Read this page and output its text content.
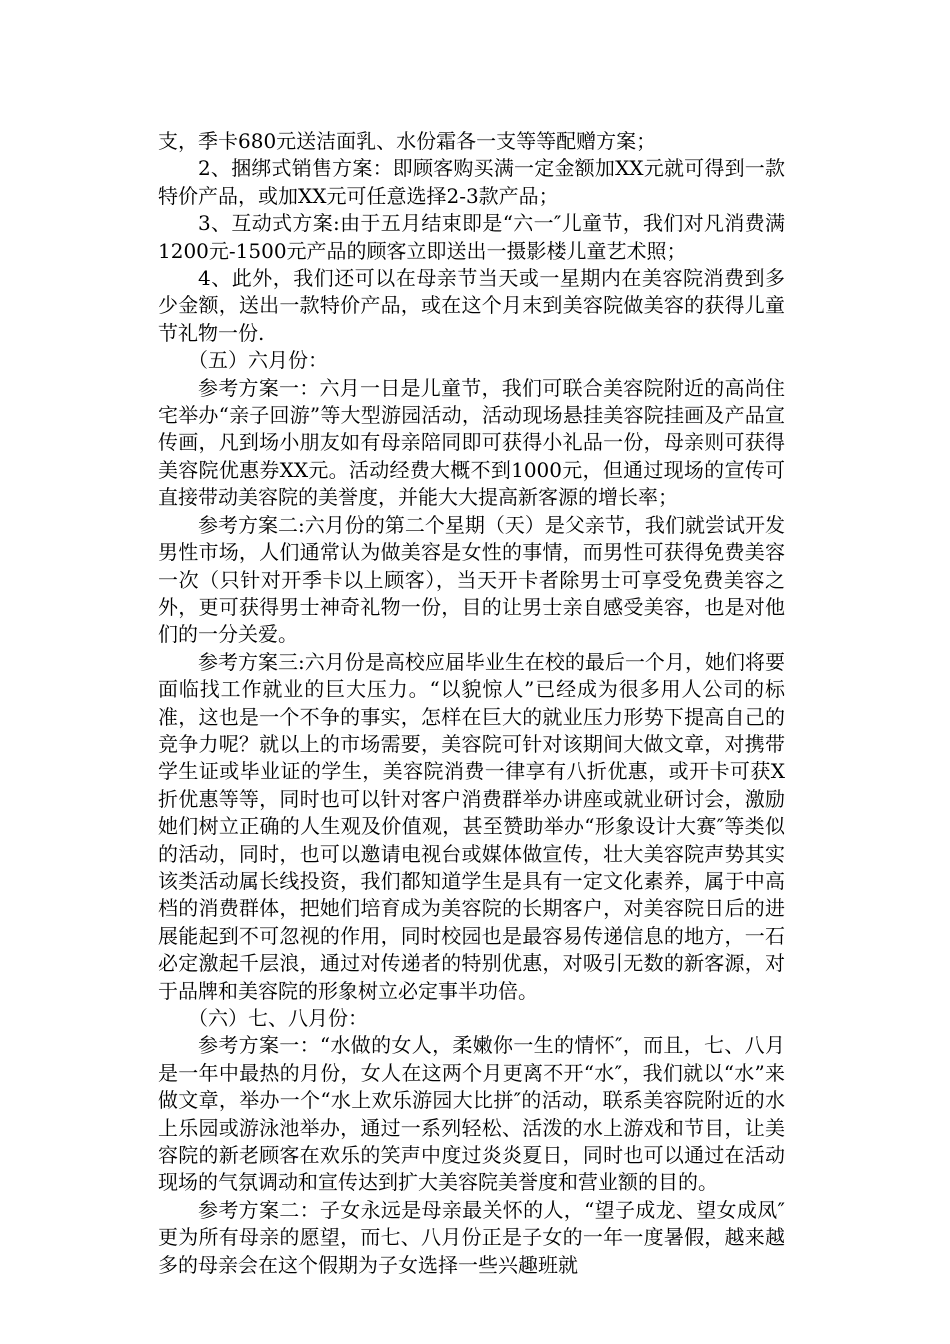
支，季卡680元送洁面乳、水份霜各一支等等配赠方案；

2、捆绑式销售方案：即顾客购买满一定金额加XX元就可得到一款特价产品，或加XX元可任意选择2-3款产品；

3、互动式方案:由于五月结束即是“六一″儿童节，我们对凡消费满1200元-1500元产品的顾客立即送出一摄影楼儿童艺术照；

4、此外，我们还可以在母亲节当天或一星期内在美容院消费到多少金额，送出一款特价产品，或在这个月末到美容院做美容的获得儿童节礼物一份.

（五）六月份：

参考方案一：六月一日是儿童节，我们可联合美容院附近的高尚住宅举办“亲子回游”等大型游园活动，活动现场悬挂美容院挂画及产品宣传画，凡到场小朋友如有母亲陪同即可获得小礼品一份，母亲则可获得美容院优惠券XX元。活动经费大概不到1000元，但通过现场的宣传可直接带动美容院的美誉度，并能大大提高新客源的增长率；

参考方案二:六月份的第二个星期（天）是父亲节，我们就尝试开发男性市场，人们通常认为做美容是女性的事情，而男性可获得免费美容一次（只针对开季卡以上顾客），当天开卡者除男士可享受免费美容之外，更可获得男士神奇礼物一份，目的让男士亲自感受美容，也是对他们的一分关爱。

参考方案三:六月份是高校应届毕业生在校的最后一个月，她们将要面临找工作就业的巨大压力。“以貌惊人”已经成为很多用人公司的标准，这也是一个不争的事实，怎样在巨大的就业压力形势下提高自己的竞争力呢？就以上的市场需要，美容院可针对该期间大做文章，对携带学生证或毕业证的学生，美容院消费一律享有八折优惠，或开卡可获X折优惠等等，同时也可以针对客户消费群举办讲座或就业研讨会，激励她们树立正确的人生观及价值观，甚至赞助举办“形象设计大赛″等类似的活动，同时，也可以邀请电视台或媒体做宣传，壮大美容院声势其实该类活动属长线投资，我们都知道学生是具有一定文化素养，属于中高档的消费群体，把她们培育成为美容院的长期客户，对美容院日后的进展能起到不可忽视的作用，同时校园也是最容易传递信息的地方，一石必定激起千层浪，通过对传递者的特别优惠，对吸引无数的新客源，对于品牌和美容院的形象树立必定事半功倍。

（六）七、八月份：

参考方案一：“水做的女人，柔嫩你一生的情怀″，而且，七、八月是一年中最热的月份，女人在这两个月更离不开“水″，我们就以“水”来做文章，举办一个“水上欢乐游园大比拼″的活动，联系美容院附近的水上乐园或游泳池举办，通过一系列轻松、活泼的水上游戏和节目，让美容院的新老顾客在欢乐的笑声中度过炎炎夏日，同时也可以通过在活动现场的气氛调动和宣传达到扩大美容院美誉度和营业额的目的。

参考方案二：子女永远是母亲最关怀的人，“望子成龙、望女成凤″更为所有母亲的愿望，而七、八月份正是子女的一年一度暑假，越来越多的母亲会在这个假期为子女选择一些兴趣班就
